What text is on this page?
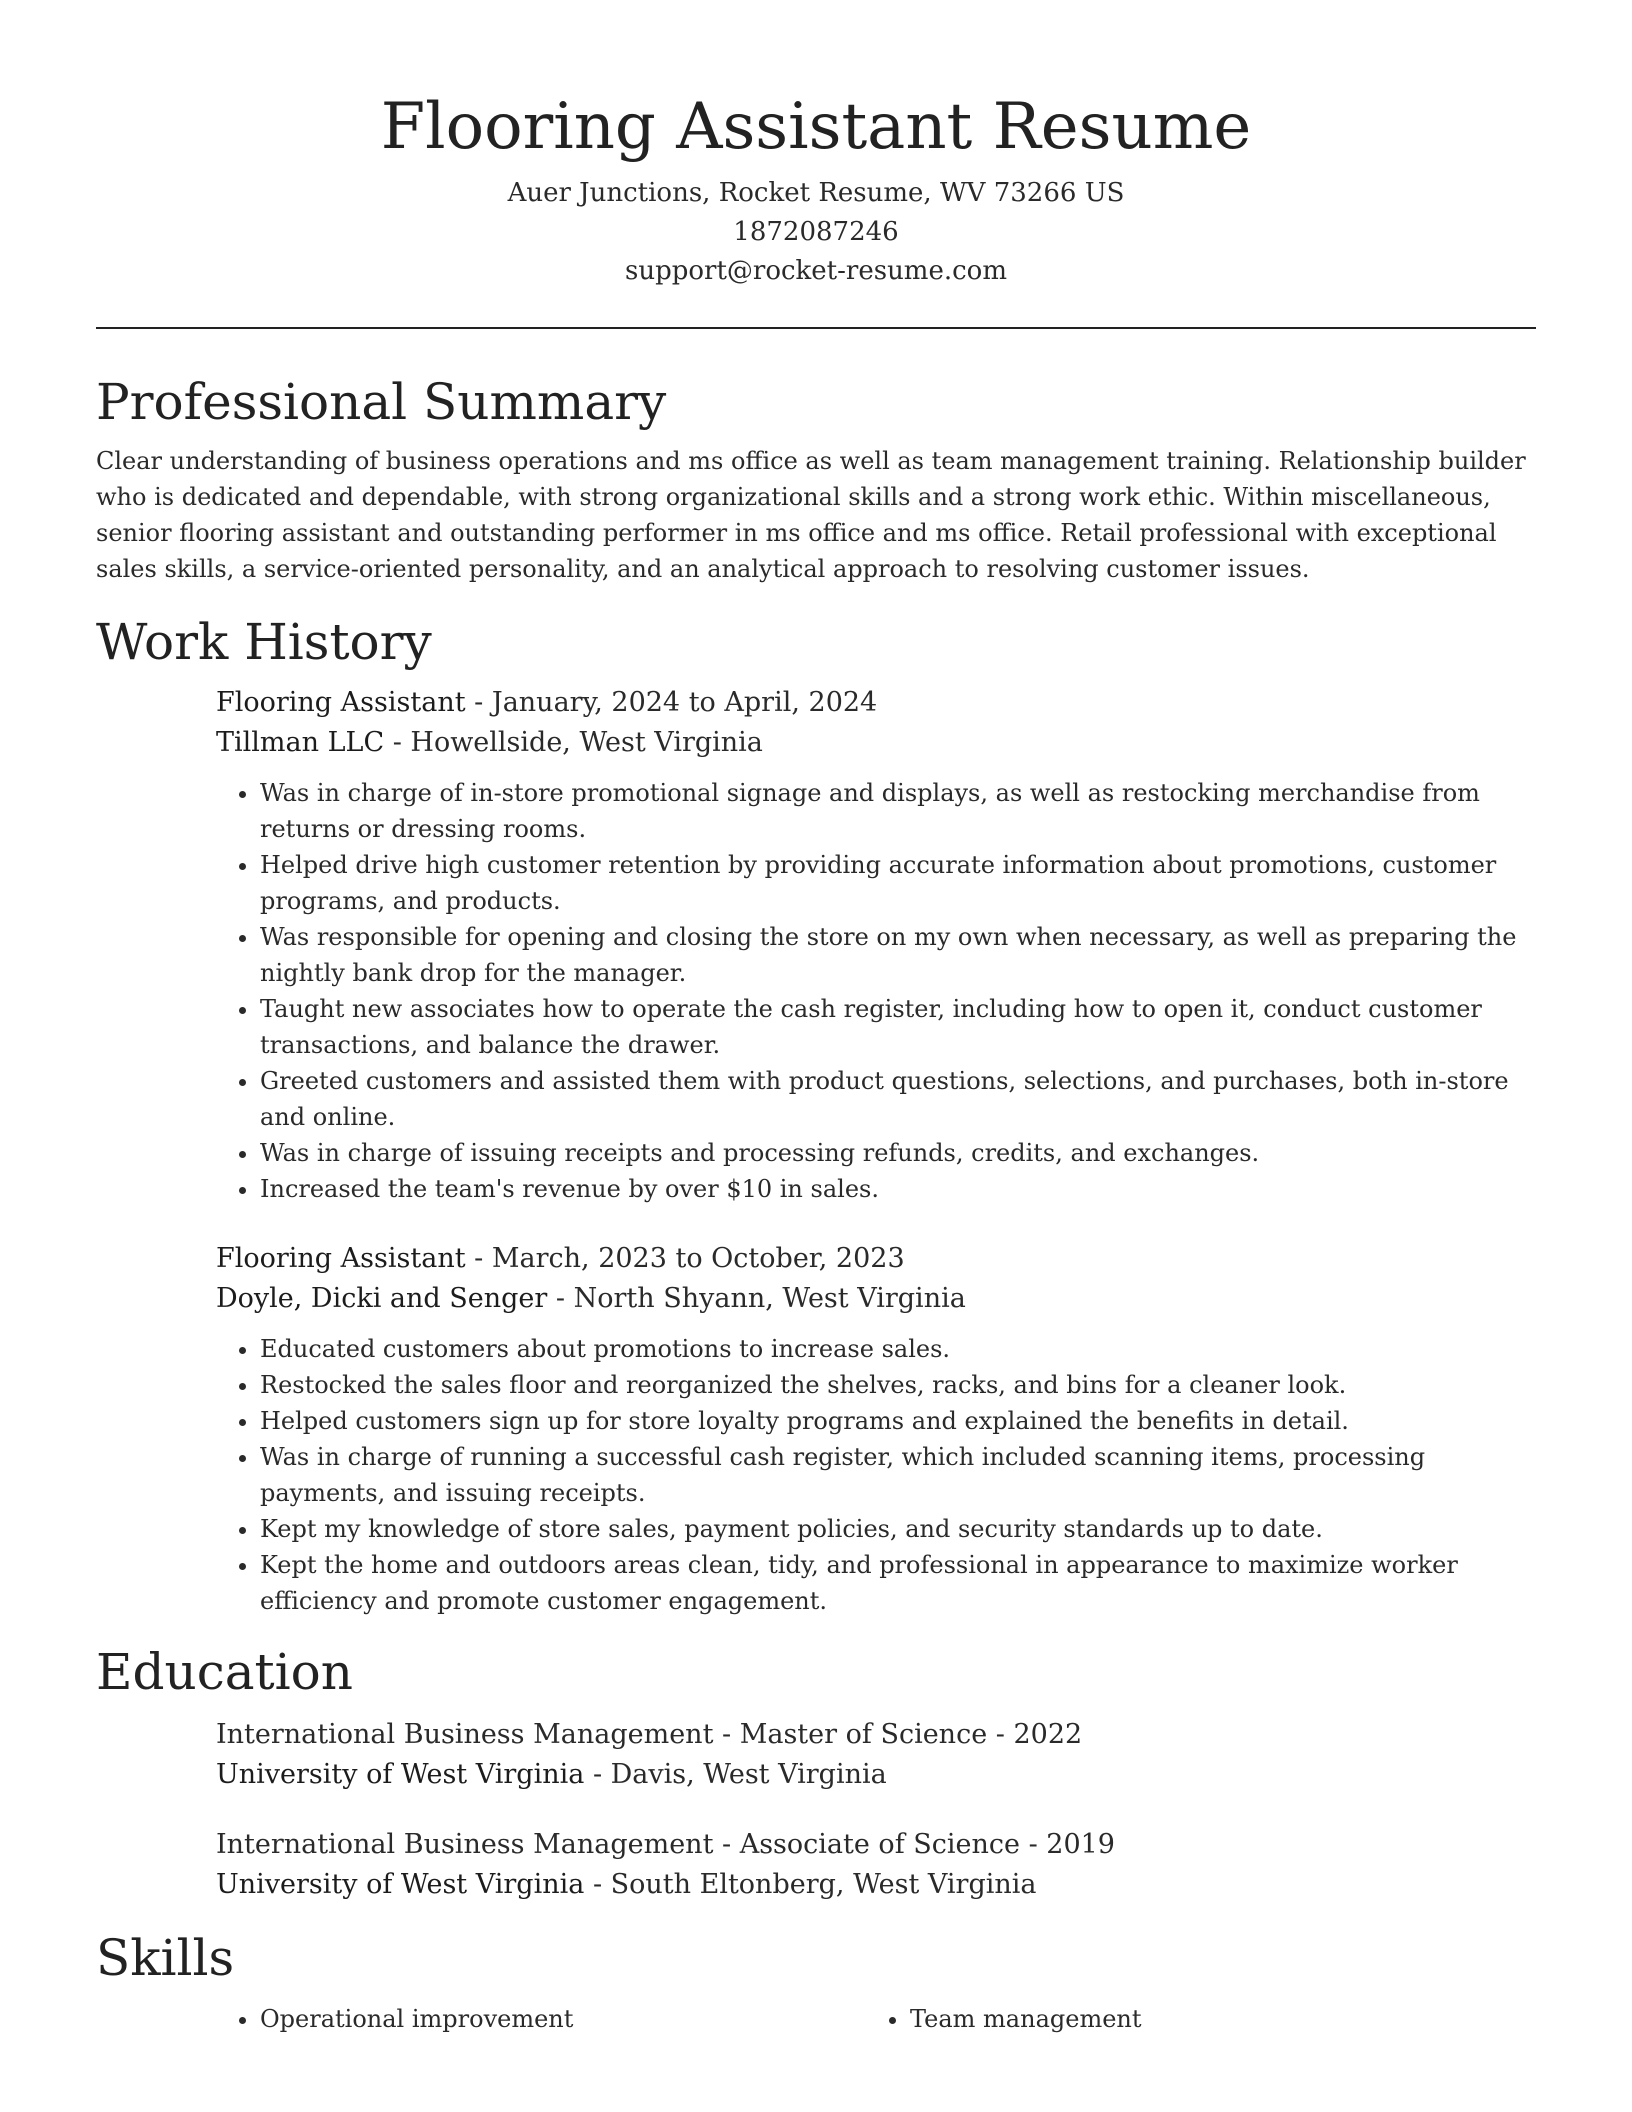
Flooring Assistant Resume
Auer Junctions, Rocket Resume, WV 73266 US
1872087246
support@rocket-resume.com
Professional Summary

Clear understanding of business operations and ms office as well as team management training. Relationship builder who is dedicated and dependable, with strong organizational skills and a strong work ethic. Within miscellaneous, senior flooring assistant and outstanding performer in ms office and ms office. Retail professional with exceptional sales skills, a service-oriented personality, and an analytical approach to resolving customer issues.

Work History
Flooring Assistant - January, 2024 to April, 2024
Tillman LLC - Howellside, West Virginia
• Was in charge of in-store promotional signage and displays, as well as restocking merchandise from returns or dressing rooms.
• Helped drive high customer retention by providing accurate information about promotions, customer programs, and products.
• Was responsible for opening and closing the store on my own when necessary, as well as preparing the nightly bank drop for the manager.
• Taught new associates how to operate the cash register, including how to open it, conduct customer transactions, and balance the drawer.
• Greeted customers and assisted them with product questions, selections, and purchases, both in-store and online.
• Was in charge of issuing receipts and processing refunds, credits, and exchanges.
• Increased the team's revenue by over $10 in sales.
Flooring Assistant - March, 2023 to October, 2023
Doyle, Dicki and Senger - North Shyann, West Virginia
• Educated customers about promotions to increase sales.
• Restocked the sales floor and reorganized the shelves, racks, and bins for a cleaner look.
• Helped customers sign up for store loyalty programs and explained the benefits in detail.
• Was in charge of running a successful cash register, which included scanning items, processing payments, and issuing receipts.
• Kept my knowledge of store sales, payment policies, and security standards up to date.
• Kept the home and outdoors areas clean, tidy, and professional in appearance to maximize worker efficiency and promote customer engagement.
Education
International Business Management - Master of Science - 2022
University of West Virginia - Davis, West Virginia
International Business Management - Associate of Science - 2019
University of West Virginia - South Eltonberg, West Virginia
Skills
• Operational improvement
•	Team management
